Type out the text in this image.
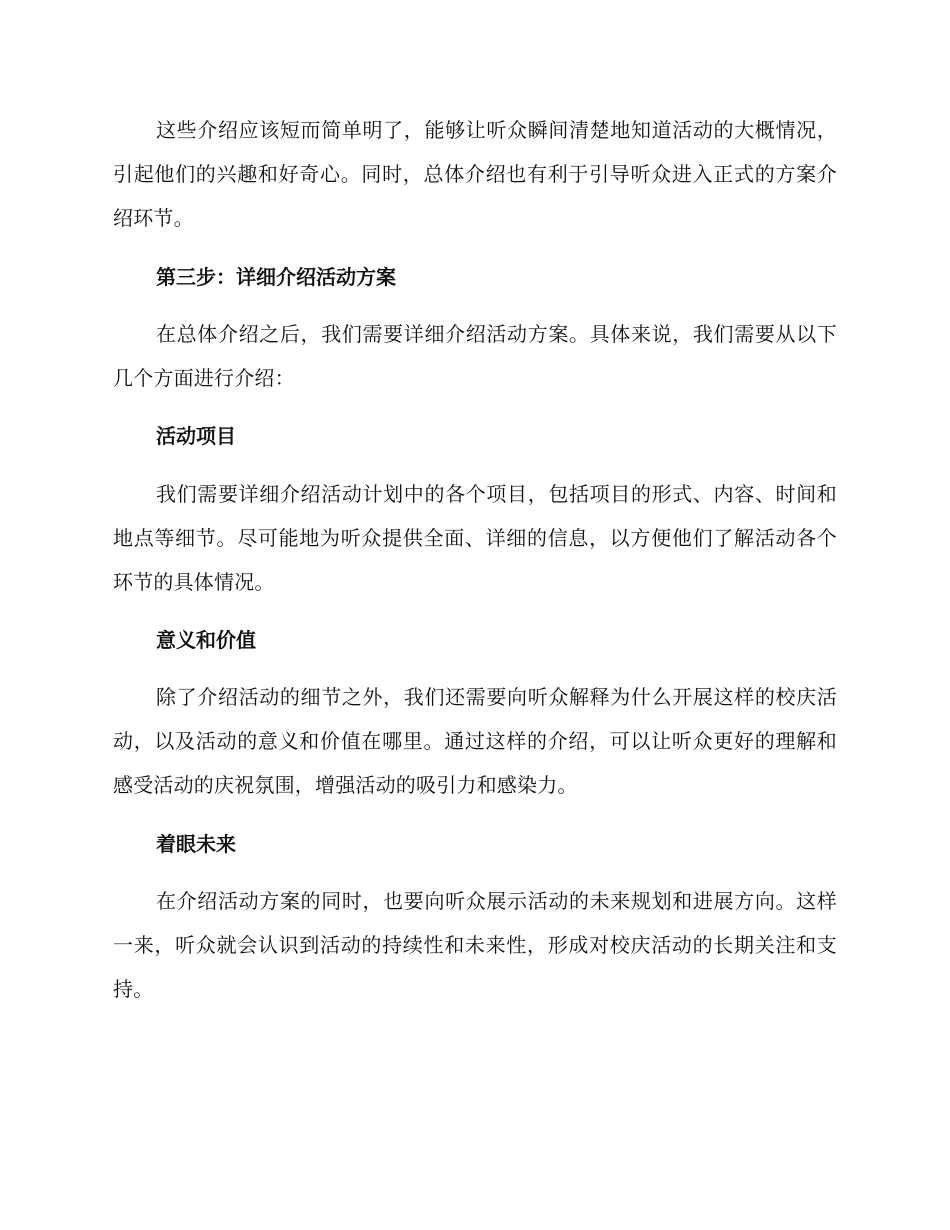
这些介绍应该短而简单明了，能够让听众瞬间清楚地知道活动的大概情况，引起他们的兴趣和好奇心。同时，总体介绍也有利于引导听众进入正式的方案介绍环节。

第三步：详细介绍活动方案

在总体介绍之后，我们需要详细介绍活动方案。具体来说，我们需要从以下几个方面进行介绍：

活动项目

我们需要详细介绍活动计划中的各个项目，包括项目的形式、内容、时间和地点等细节。尽可能地为听众提供全面、详细的信息，以方便他们了解活动各个环节的具体情况。

意义和价值

除了介绍活动的细节之外，我们还需要向听众解释为什么开展这样的校庆活动，以及活动的意义和价值在哪里。通过这样的介绍，可以让听众更好的理解和感受活动的庆祝氛围，增强活动的吸引力和感染力。

着眼未来

在介绍活动方案的同时，也要向听众展示活动的未来规划和进展方向。这样一来，听众就会认识到活动的持续性和未来性，形成对校庆活动的长期关注和支持。
